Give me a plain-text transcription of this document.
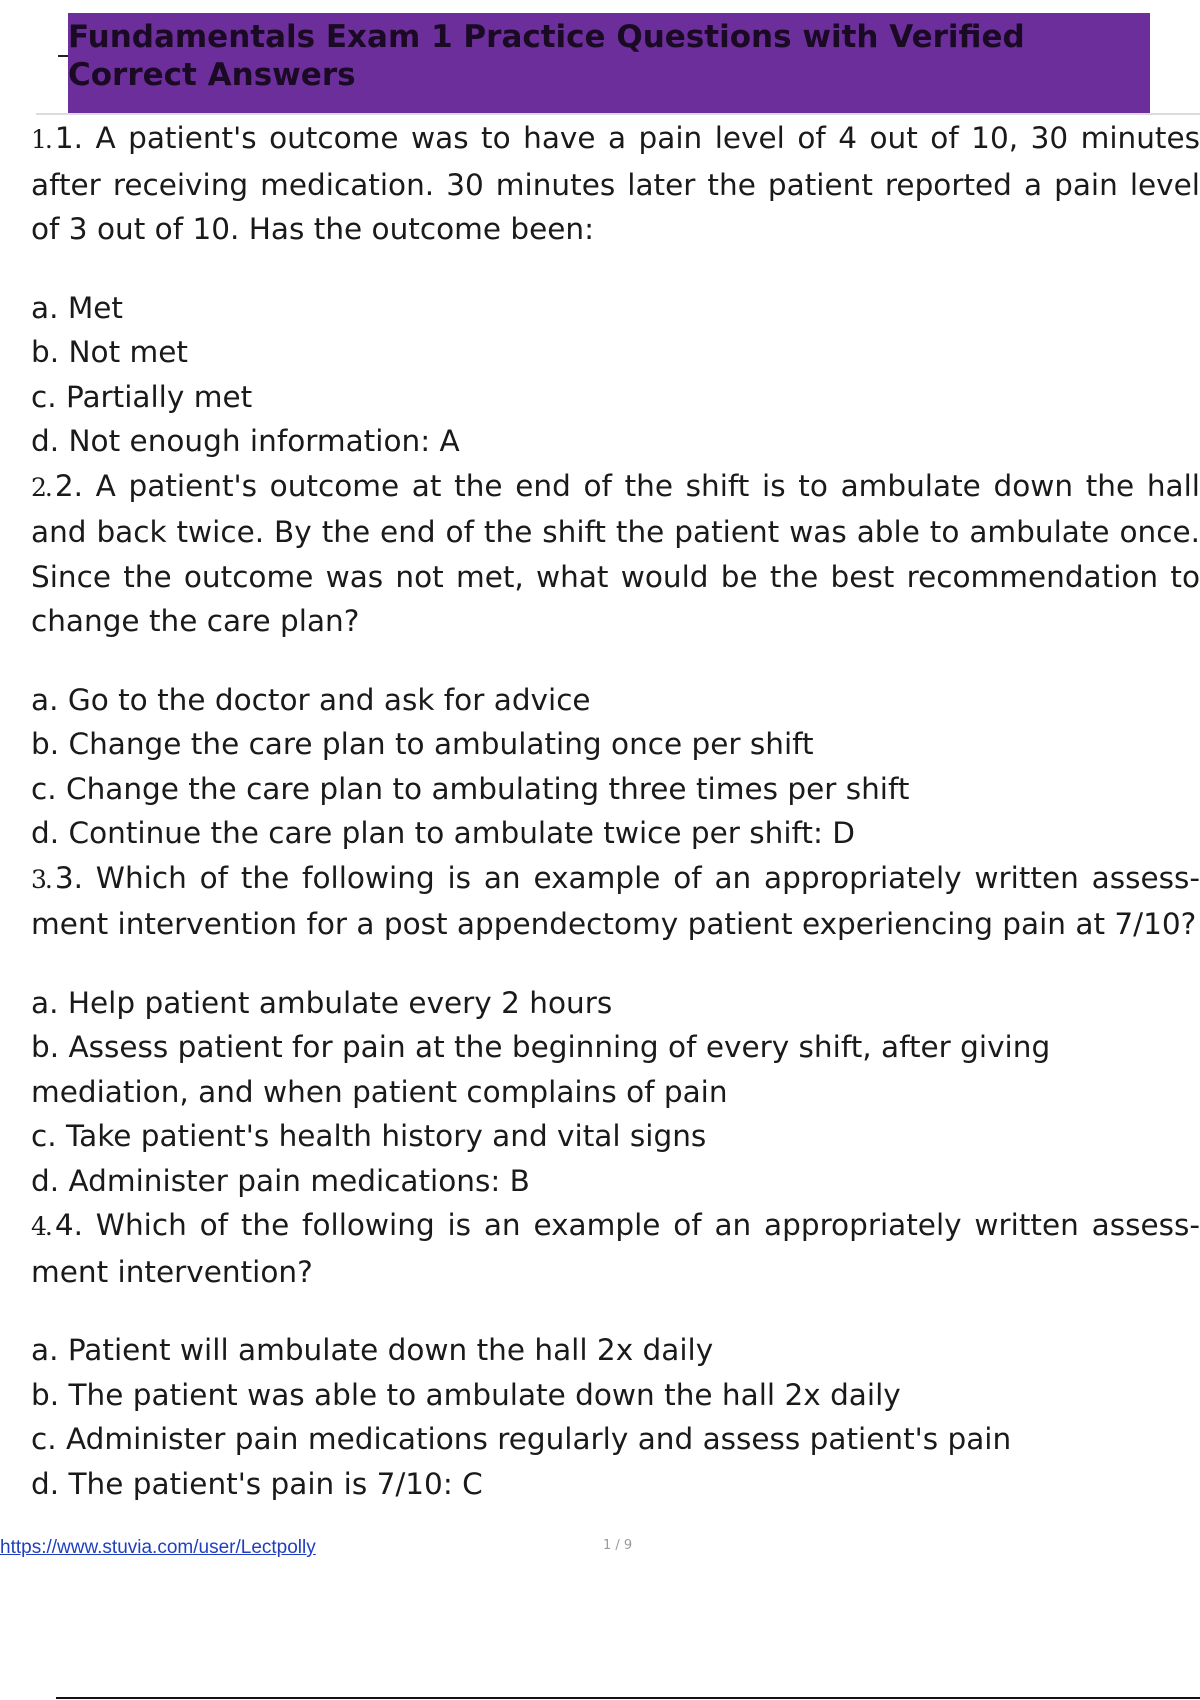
Fundamentals Exam 1 Practice Questions with Verified Correct Answers
1. 1. A patient's outcome was to have a pain level of 4 out of 10, 30 minutes after receiving medication. 30 minutes later the patient reported a pain level of 3 out of 10. Has the outcome been:
a. Met
b. Not met
c. Partially met
d. Not enough information: A
2. 2. A patient's outcome at the end of the shift is to ambulate down the hall and back twice. By the end of the shift the patient was able to ambulate once. Since the outcome was not met, what would be the best recommendation to change the care plan?
a. Go to the doctor and ask for advice
b. Change the care plan to ambulating once per shift
c. Change the care plan to ambulating three times per shift
d. Continue the care plan to ambulate twice per shift: D
3. 3. Which of the following is an example of an appropriately written assess- ment intervention for a post appendectomy patient experiencing pain at 7/10?
a. Help patient ambulate every 2 hours
b. Assess patient for pain at the beginning of every shift, after giving mediation, and when patient complains of pain
c. Take patient's health history and vital signs
d. Administer pain medications: B
4. 4. Which of the following is an example of an appropriately written assess- ment intervention?
a. Patient will ambulate down the hall 2x daily
b. The patient was able to ambulate down the hall 2x daily
c. Administer pain medications regularly and assess patient's pain
d. The patient's pain is 7/10: C
https://www.stuvia.com/user/Lectpolly	1 / 9
